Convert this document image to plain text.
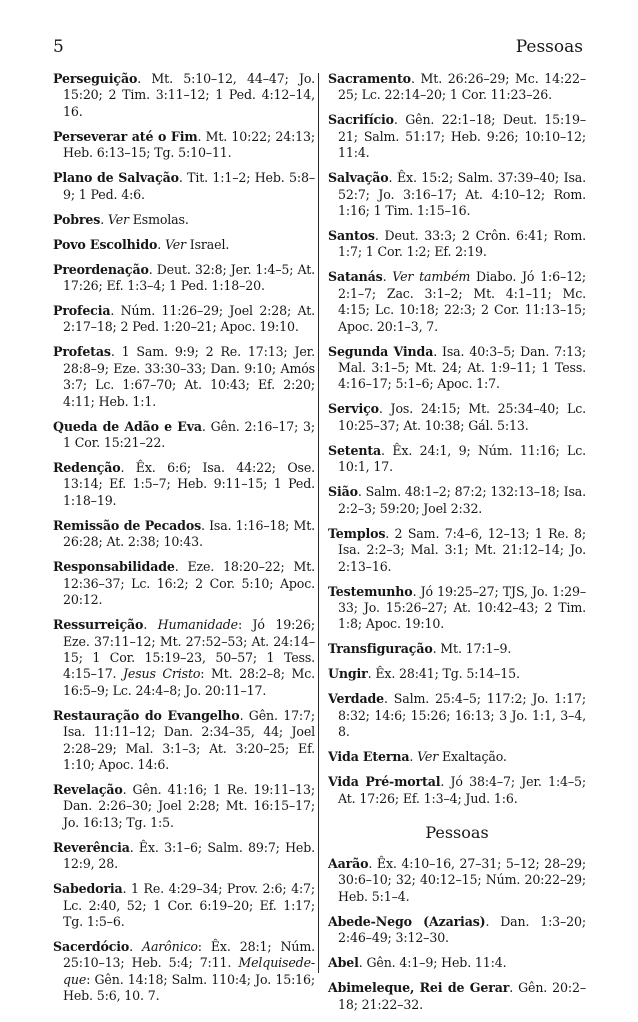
5	Pessoas
Perseguição. Mt. 5:10–12, 44–47; Jo. 15:20; 2 Tim. 3:11–12; 1 Ped. 4:12–14, 16.
Perseverar até o Fim. Mt. 10:22; 24:13; Heb. 6:13–15; Tg. 5:10–11.
Plano de Salvação. Tit. 1:1–2; Heb. 5:8–9; 1 Ped. 4:6.
Pobres. Ver Esmolas.
Povo Escolhido. Ver Israel.
Preordenação. Deut. 32:8; Jer. 1:4–5; At. 17:26; Ef. 1:3–4; 1 Ped. 1:18–20.
Profecia. Núm. 11:26–29; Joel 2:28; At. 2:17–18; 2 Ped. 1:20–21; Apoc. 19:10.
Profetas. 1 Sam. 9:9; 2 Re. 17:13; Jer. 28:8–9; Eze. 33:30–33; Dan. 9:10; Amós 3:7; Lc. 1:67–70; At. 10:43; Ef. 2:20; 4:11; Heb. 1:1.
Queda de Adão e Eva. Gên. 2:16–17; 3; 1 Cor. 15:21–22.
Redenção. Êx. 6:6; Isa. 44:22; Ose. 13:14; Ef. 1:5–7; Heb. 9:11–15; 1 Ped. 1:18–19.
Remissão de Pecados. Isa. 1:16–18; Mt. 26:28; At. 2:38; 10:43.
Responsabilidade. Eze. 18:20–22; Mt. 12:36–37; Lc. 16:2; 2 Cor. 5:10; Apoc. 20:12.
Ressurreição. Humanidade: Jó 19:26; Eze. 37:11–12; Mt. 27:52–53; At. 24:14–15; 1 Cor. 15:19–23, 50–57; 1 Tess. 4:15–17. Jesus Cristo: Mt. 28:2–8; Mc. 16:5–9; Lc. 24:4–8; Jo. 20:11–17.
Restauração do Evangelho. Gên. 17:7; Isa. 11:11–12; Dan. 2:34–35, 44; Joel 2:28–29; Mal. 3:1–3; At. 3:20–25; Ef. 1:10; Apoc. 14:6.
Revelação. Gên. 41:16; 1 Re. 19:11–13; Dan. 2:26–30; Joel 2:28; Mt. 16:15–17; Jo. 16:13; Tg. 1:5.
Reverência. Êx. 3:1–6; Salm. 89:7; Heb. 12:9, 28.
Sabedoria. 1 Re. 4:29–34; Prov. 2:6; 4:7; Lc. 2:40, 52; 1 Cor. 6:19–20; Ef. 1:17; Tg. 1:5–6.
Sacerdócio. Aarônico: Êx. 28:1; Núm. 25:10–13; Heb. 5:4; 7:11. Melquisede-que: Gên. 14:18; Salm. 110:4; Jo. 15:16; Heb. 5:6, 10. 7.
Sacramento. Mt. 26:26–29; Mc. 14:22–25; Lc. 22:14–20; 1 Cor. 11:23–26.
Sacrifício. Gên. 22:1–18; Deut. 15:19–21; Salm. 51:17; Heb. 9:26; 10:10–12; 11:4.
Salvação. Êx. 15:2; Salm. 37:39–40; Isa. 52:7; Jo. 3:16–17; At. 4:10–12; Rom. 1:16; 1 Tim. 1:15–16.
Santos. Deut. 33:3; 2 Crôn. 6:41; Rom. 1:7; 1 Cor. 1:2; Ef. 2:19.
Satanás. Ver também Diabo. Jó 1:6–12; 2:1–7; Zac. 3:1–2; Mt. 4:1–11; Mc. 4:15; Lc. 10:18; 22:3; 2 Cor. 11:13–15; Apoc. 20:1–3, 7.
Segunda Vinda. Isa. 40:3–5; Dan. 7:13; Mal. 3:1–5; Mt. 24; At. 1:9–11; 1 Tess. 4:16–17; 5:1–6; Apoc. 1:7.
Serviço. Jos. 24:15; Mt. 25:34–40; Lc. 10:25–37; At. 10:38; Gál. 5:13.
Setenta. Êx. 24:1, 9; Núm. 11:16; Lc. 10:1, 17.
Sião. Salm. 48:1–2; 87:2; 132:13–18; Isa. 2:2–3; 59:20; Joel 2:32.
Templos. 2 Sam. 7:4–6, 12–13; 1 Re. 8; Isa. 2:2–3; Mal. 3:1; Mt. 21:12–14; Jo. 2:13–16.
Testemunho. Jó 19:25–27; TJS, Jo. 1:29–33; Jo. 15:26–27; At. 10:42–43; 2 Tim. 1:8; Apoc. 19:10.
Transfiguração. Mt. 17:1–9.
Ungir. Êx. 28:41; Tg. 5:14–15.
Verdade. Salm. 25:4–5; 117:2; Jo. 1:17; 8:32; 14:6; 15:26; 16:13; 3 Jo. 1:1, 3–4, 8.
Vida Eterna. Ver Exaltação.
Vida Pré-mortal. Jó 38:4–7; Jer. 1:4–5; At. 17:26; Ef. 1:3–4; Jud. 1:6.
Pessoas
Aarão. Êx. 4:10–16, 27–31; 5–12; 28–29; 30:6–10; 32; 40:12–15; Núm. 20:22–29; Heb. 5:1–4.
Abede-Nego (Azarias). Dan. 1:3–20; 2:46–49; 3:12–30.
Abel. Gên. 4:1–9; Heb. 11:4.
Abimeleque, Rei de Gerar. Gên. 20:2–18; 21:22–32.
